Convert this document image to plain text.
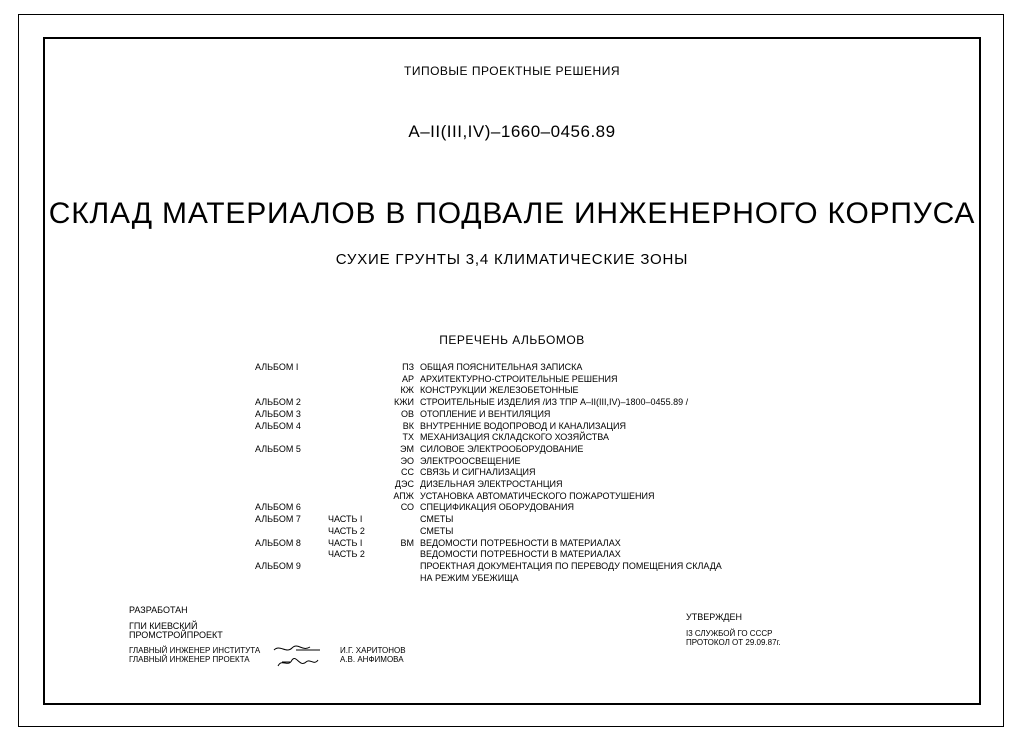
ТИПОВЫЕ ПРОЕКТНЫЕ РЕШЕНИЯ
А–II(III,IV)–1660–0456.89
СКЛАД МАТЕРИАЛОВ В ПОДВАЛЕ ИНЖЕНЕРНОГО КОРПУСА
СУХИЕ ГРУНТЫ 3,4 КЛИМАТИЧЕСКИЕ ЗОНЫ
ПЕРЕЧЕНЬ АЛЬБОМОВ
АЛЬБОМ I	ПЗ ОБЩАЯ ПОЯСНИТЕЛЬНАЯ ЗАПИСКА
АР АРХИТЕКТУРНО-СТРОИТЕЛЬНЫЕ РЕШЕНИЯ
КЖ КОНСТРУКЦИИ ЖЕЛЕЗОБЕТОННЫЕ
АЛЬБОМ 2	КЖИ СТРОИТЕЛЬНЫЕ ИЗДЕЛИЯ /ИЗ ТПР А–II(III,IV)–1800–0455.89 /
АЛЬБОМ 3	ОВ ОТОПЛЕНИЕ И ВЕНТИЛЯЦИЯ
АЛЬБОМ 4	ВК ВНУТРЕННИЕ ВОДОПРОВОД И КАНАЛИЗАЦИЯ
ТХ МЕХАНИЗАЦИЯ СКЛАДСКОГО ХОЗЯЙСТВА
АЛЬБОМ 5	ЭМ СИЛОВОЕ ЭЛЕКТРООБОРУДОВАНИЕ
ЭО ЭЛЕКТРООСВЕЩЕНИЕ
СС СВЯЗЬ И СИГНАЛИЗАЦИЯ
ДЭС ДИЗЕЛЬНАЯ ЭЛЕКТРОСТАНЦИЯ
АПЖ УСТАНОВКА АВТОМАТИЧЕСКОГО ПОЖАРОТУШЕНИЯ
АЛЬБОМ 6	СО СПЕЦИФИКАЦИЯ ОБОРУДОВАНИЯ
АЛЬБОМ 7	ЧАСТЬ I	СМЕТЫ
ЧАСТЬ 2	СМЕТЫ
АЛЬБОМ 8	ЧАСТЬ I	ВМ ВЕДОМОСТИ ПОТРЕБНОСТИ В МАТЕРИАЛАХ
ЧАСТЬ 2	ВЕДОМОСТИ ПОТРЕБНОСТИ В МАТЕРИАЛАХ
АЛЬБОМ 9	ПРОЕКТНАЯ ДОКУМЕНТАЦИЯ ПО ПЕРЕВОДУ ПОМЕЩЕНИЯ СКЛАДА
НА РЕЖИМ УБЕЖИЩА
РАЗРАБОТАН
ГПИ КИЕВСКИЙ
ПРОМСТРОЙПРОЕКТ
ГЛАВНЫЙ ИНЖЕНЕР ИНСТИТУТА
ГЛАВНЫЙ ИНЖЕНЕР ПРОЕКТА
И.Г. ХАРИТОНОВ
А.В. АНФИМОВА
УТВЕРЖДЕН
I3 СЛУЖБОЙ ГО СССР
ПРОТОКОЛ ОТ 29.09.87г.
